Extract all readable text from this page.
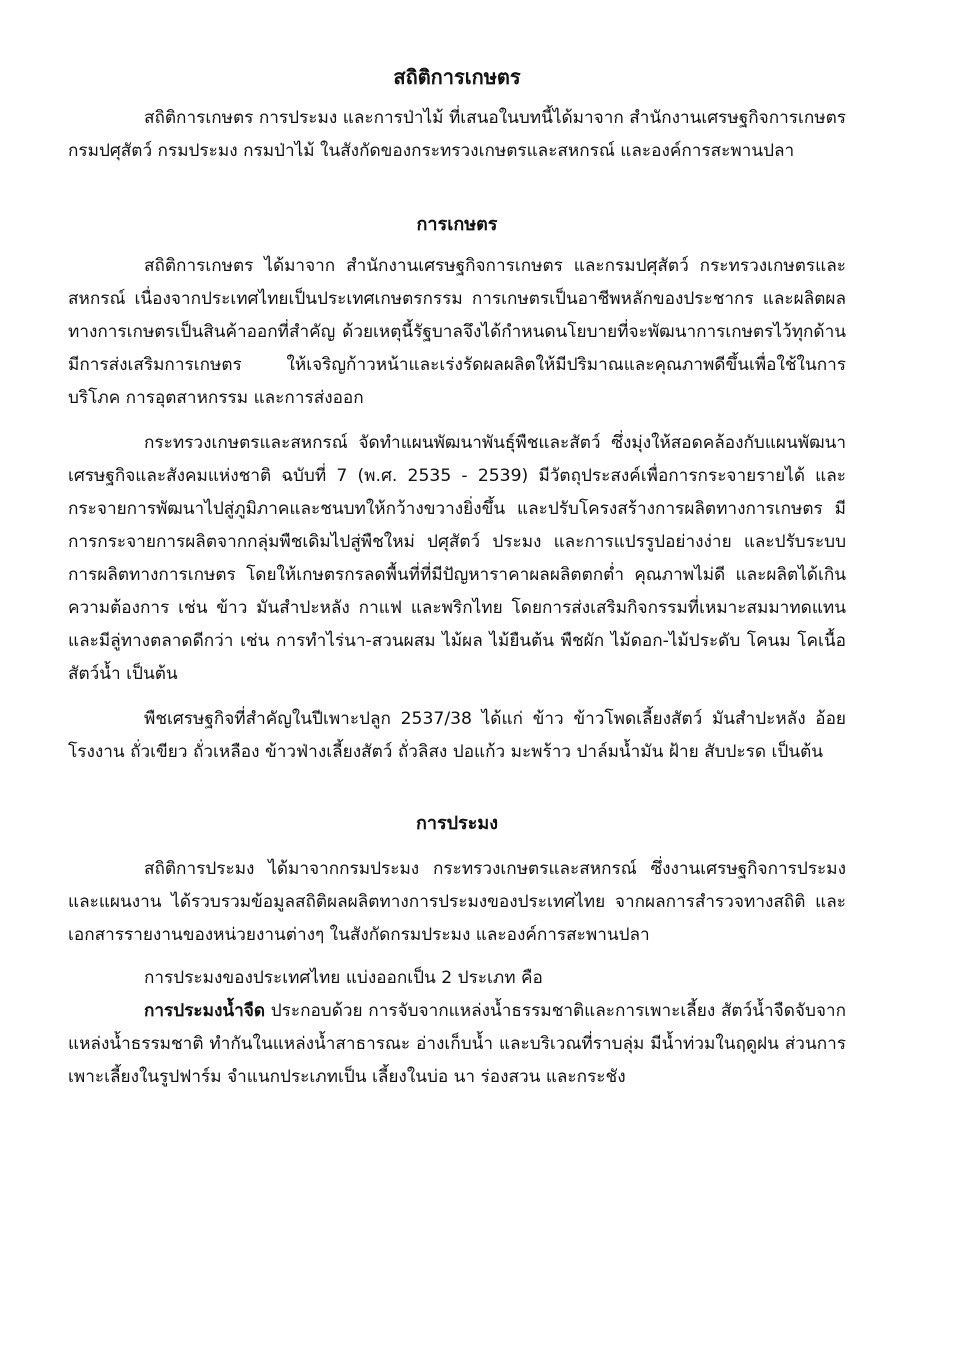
สถิติการเกษตร

สถิติการเกษตร การประมง และการป่าไม้ ที่เสนอในบทนี้ได้มาจาก สำนักงานเศรษฐกิจการเกษตร กรมปศุสัตว์ กรมประมง กรมป่าไม้ ในสังกัดของกระทรวงเกษตรและสหกรณ์ และองค์การสะพานปลา

การเกษตร

สถิติการเกษตร ได้มาจาก สำนักงานเศรษฐกิจการเกษตร และกรมปศุสัตว์ กระทรวงเกษตรและสหกรณ์ เนื่องจากประเทศไทยเป็นประเทศเกษตรกรรม การเกษตรเป็นอาชีพหลักของประชากร และผลิตผลทางการเกษตรเป็นสินค้าออกที่สำคัญ ด้วยเหตุนี้รัฐบาลจึงได้กำหนดนโยบายที่จะพัฒนาการเกษตรไว้ทุกด้าน มีการส่งเสริมการเกษตร ให้เจริญก้าวหน้าและเร่งรัดผลผลิตให้มีปริมาณและคุณภาพดีขึ้นเพื่อใช้ในการบริโภค การอุตสาหกรรม และการส่งออก

กระทรวงเกษตรและสหกรณ์ จัดทำแผนพัฒนาพันธุ์พืชและสัตว์ ซึ่งมุ่งให้สอดคล้องกับแผนพัฒนาเศรษฐกิจและสังคมแห่งชาติ ฉบับที่ 7 (พ.ศ. 2535 - 2539) มีวัตถุประสงค์เพื่อการกระจายรายได้ และกระจายการพัฒนาไปสู่ภูมิภาคและชนบทให้กว้างขวางยิ่งขึ้น และปรับโครงสร้างการผลิตทางการเกษตร มีการกระจายการผลิตจากกลุ่มพืชเดิมไปสู่พืชใหม่ ปศุสัตว์ ประมง และการแปรรูปอย่างง่าย และปรับระบบการผลิตทางการเกษตร โดยให้เกษตรกรลดพื้นที่ที่มีปัญหาราคาผลผลิตตกต่ำ คุณภาพไม่ดี และผลิตได้เกินความต้องการ เช่น ข้าว มันสำปะหลัง กาแฟ และพริกไทย โดยการส่งเสริมกิจกรรมที่เหมาะสมมาทดแทน และมีลู่ทางตลาดดีกว่า เช่น การทำไร่นา-สวนผสม ไม้ผล ไม้ยืนต้น พืชผัก ไม้ดอก-ไม้ประดับ โคนม โคเนื้อ สัตว์น้ำ เป็นต้น

พืชเศรษฐกิจที่สำคัญในปีเพาะปลูก 2537/38 ได้แก่ ข้าว ข้าวโพดเลี้ยงสัตว์ มันสำปะหลัง อ้อยโรงงาน ถั่วเขียว ถั่วเหลือง ข้าวฟ่างเลี้ยงสัตว์ ถั่วลิสง ปอแก้ว มะพร้าว ปาล์มน้ำมัน ฝ้าย สับปะรด เป็นต้น

การประมง

สถิติการประมง ได้มาจากกรมประมง กระทรวงเกษตรและสหกรณ์ ซึ่งงานเศรษฐกิจการประมงและแผนงาน ได้รวบรวมข้อมูลสถิติผลผลิตทางการประมงของประเทศไทย จากผลการสำรวจทางสถิติ และเอกสารรายงานของหน่วยงานต่างๆ ในสังกัดกรมประมง และองค์การสะพานปลา

การประมงของประเทศไทย แบ่งออกเป็น 2 ประเภท คือ

การประมงน้ำจืด ประกอบด้วย การจับจากแหล่งน้ำธรรมชาติและการเพาะเลี้ยง สัตว์น้ำจืดจับจากแหล่งน้ำธรรมชาติ ทำกันในแหล่งน้ำสาธารณะ อ่างเก็บน้ำ และบริเวณที่ราบลุ่ม มีน้ำท่วมในฤดูฝน ส่วนการเพาะเลี้ยงในรูปฟาร์ม จำแนกประเภทเป็น เลี้ยงในบ่อ นา ร่องสวน และกระชัง
